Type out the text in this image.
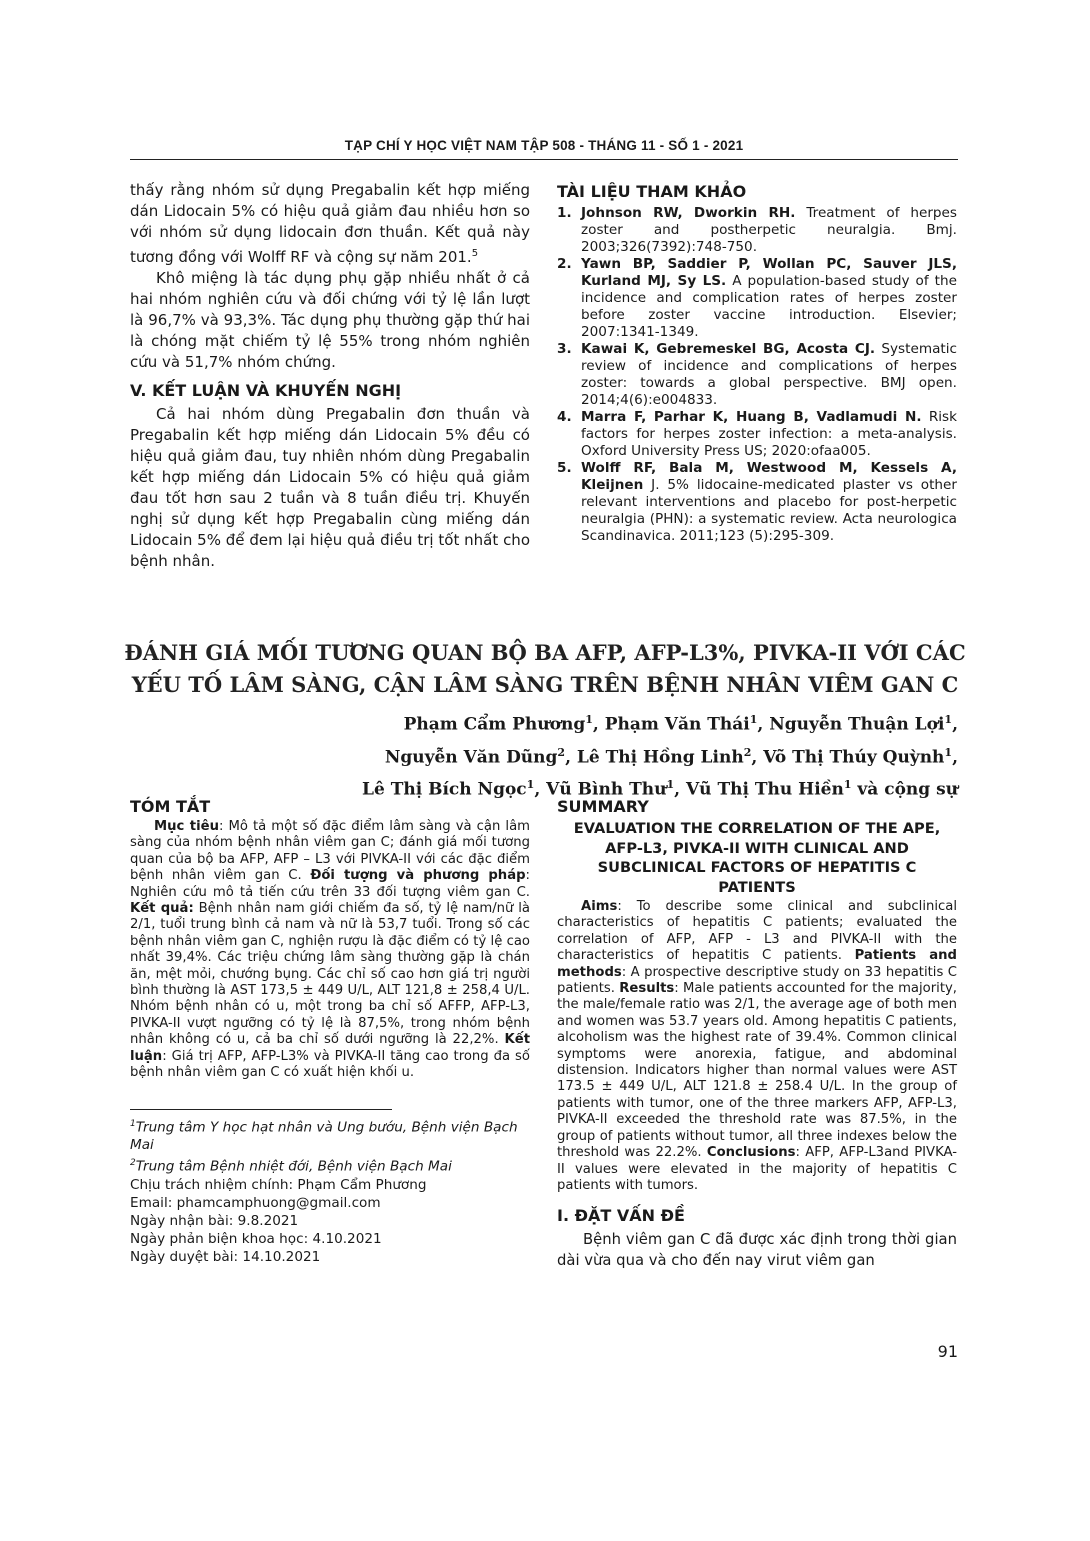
TẠP CHÍ Y HỌC VIỆT NAM TẬP 508 - THÁNG 11 - SỐ 1 - 2021

thấy rằng nhóm sử dụng Pregabalin kết hợp miếng dán Lidocain 5% có hiệu quả giảm đau nhiều hơn so với nhóm sử dụng lidocain đơn thuần. Kết quả này tương đồng với Wolff RF và cộng sự năm 201.$^5$

Khô miệng là tác dụng phụ gặp nhiều nhất ở cả hai nhóm nghiên cứu và đối chứng với tỷ lệ lần lượt là 96,7% và 93,3%. Tác dụng phụ thường gặp thứ hai là chóng mặt chiếm tỷ lệ 55% trong nhóm nghiên cứu và 51,7% nhóm chứng.

V. KẾT LUẬN VÀ KHUYẾN NGHỊ

Cả hai nhóm dùng Pregabalin đơn thuần và Pregabalin kết hợp miếng dán Lidocain 5% đều có hiệu quả giảm đau, tuy nhiên nhóm dùng Pregabalin kết hợp miếng dán Lidocain 5% có hiệu quả giảm đau tốt hơn sau 2 tuần và 8 tuần điều trị. Khuyến nghị sử dụng kết hợp Pregabalin cùng miếng dán Lidocain 5% để đem lại hiệu quả điều trị tốt nhất cho bệnh nhân.

TÀI LIỆU THAM KHẢO
1. Johnson RW, Dworkin RH. Treatment of herpes zoster and postherpetic neuralgia. Bmj. 2003;326(7392):748-750.
2. Yawn BP, Saddier P, Wollan PC, Sauver JLS, Kurland MJ, Sy LS. A population-based study of the incidence and complication rates of herpes zoster before zoster vaccine introduction. Elsevier; 2007:1341-1349.
3. Kawai K, Gebremeskel BG, Acosta CJ. Systematic review of incidence and complications of herpes zoster: towards a global perspective. BMJ open. 2014;4(6):e004833.
4. Marra F, Parhar K, Huang B, Vadlamudi N. Risk factors for herpes zoster infection: a meta-analysis. Oxford University Press US; 2020:ofaa005.
5. Wolff RF, Bala M, Westwood M, Kessels A, Kleijnen J. 5% lidocaine-medicated plaster vs other relevant interventions and placebo for post-herpetic neuralgia (PHN): a systematic review. Acta neurologica Scandinavica. 2011;123 (5):295-309.
ĐÁNH GIÁ MỐI TƯƠNG QUAN BỘ BA AFP, AFP-L3%, PIVKA-II VỚI CÁC
YẾU TỐ LÂM SÀNG, CẬN LÂM SÀNG TRÊN BỆNH NHÂN VIÊM GAN C
Phạm Cẩm Phương$^1$, Phạm Văn Thái$^1$, Nguyễn Thuận Lợi$^1$,
Nguyễn Văn Dũng$^2$, Lê Thị Hồng Linh$^2$, Võ Thị Thúy Quỳnh$^1$,
Lê Thị Bích Ngọc$^1$, Vũ Bình Thư$^1$, Vũ Thị Thu Hiền$^1$ và cộng sự
TÓM TẮT

Mục tiêu: Mô tả một số đặc điểm lâm sàng và cận lâm sàng của nhóm bệnh nhân viêm gan C; đánh giá mối tương quan của bộ ba AFP, AFP – L3 với PIVKA-II với các đặc điểm bệnh nhân viêm gan C. Đối tượng và phương pháp: Nghiên cứu mô tả tiến cứu trên 33 đối tượng viêm gan C. Kết quả: Bệnh nhân nam giới chiếm đa số, tỷ lệ nam/nữ là 2/1, tuổi trung bình cả nam và nữ là 53,7 tuổi. Trong số các bệnh nhân viêm gan C, nghiện rượu là đặc điểm có tỷ lệ cao nhất 39,4%. Các triệu chứng lâm sàng thường gặp là chán ăn, mệt mỏi, chướng bụng. Các chỉ số cao hơn giá trị người bình thường là AST 173,5 ± 449 U/L, ALT 121,8 ± 258,4 U/L. Nhóm bệnh nhân có u, một trong ba chỉ số AFFP, AFP-L3, PIVKA-II vượt ngưỡng có tỷ lệ là 87,5%, trong nhóm bệnh nhân không có u, cả ba chỉ số dưới ngưỡng là 22,2%. Kết luận: Giá trị AFP, AFP-L3% và PIVKA-II tăng cao trong đa số bệnh nhân viêm gan C có xuất hiện khối u.

$^1$Trung tâm Y học hạt nhân và Ung bướu, Bệnh viện Bạch Mai

$^2$Trung tâm Bệnh nhiệt đới, Bệnh viện Bạch Mai

Chịu trách nhiệm chính: Phạm Cẩm Phương

Email: phamcamphuong@gmail.com

Ngày nhận bài: 9.8.2021

Ngày phản biện khoa học: 4.10.2021

Ngày duyệt bài: 14.10.2021

SUMMARY
EVALUATION THE CORRELATION OF THE APE, AFP-L3, PIVKA-II WITH CLINICAL AND SUBCLINICAL FACTORS OF HEPATITIS C PATIENTS

Aims: To describe some clinical and subclinical characteristics of hepatitis C patients; evaluated the correlation of AFP, AFP - L3 and PIVKA-II with the characteristics of hepatitis C patients. Patients and methods: A prospective descriptive study on 33 hepatitis C patients. Results: Male patients accounted for the majority, the male/female ratio was 2/1, the average age of both men and women was 53.7 years old. Among hepatitis C patients, alcoholism was the highest rate of 39.4%. Common clinical symptoms were anorexia, fatigue, and abdominal distension. Indicators higher than normal values were AST 173.5 ± 449 U/L, ALT 121.8 ± 258.4 U/L. In the group of patients with tumor, one of the three markers AFP, AFP-L3, PIVKA-II exceeded the threshold rate was 87.5%, in the group of patients without tumor, all three indexes below the threshold was 22.2%. Conclusions: AFP, AFP-L3and PIVKA-II values were elevated in the majority of hepatitis C patients with tumors.

I. ĐẶT VẤN ĐỀ

Bệnh viêm gan C đã được xác định trong thời gian dài vừa qua và cho đến nay virut viêm gan

91
